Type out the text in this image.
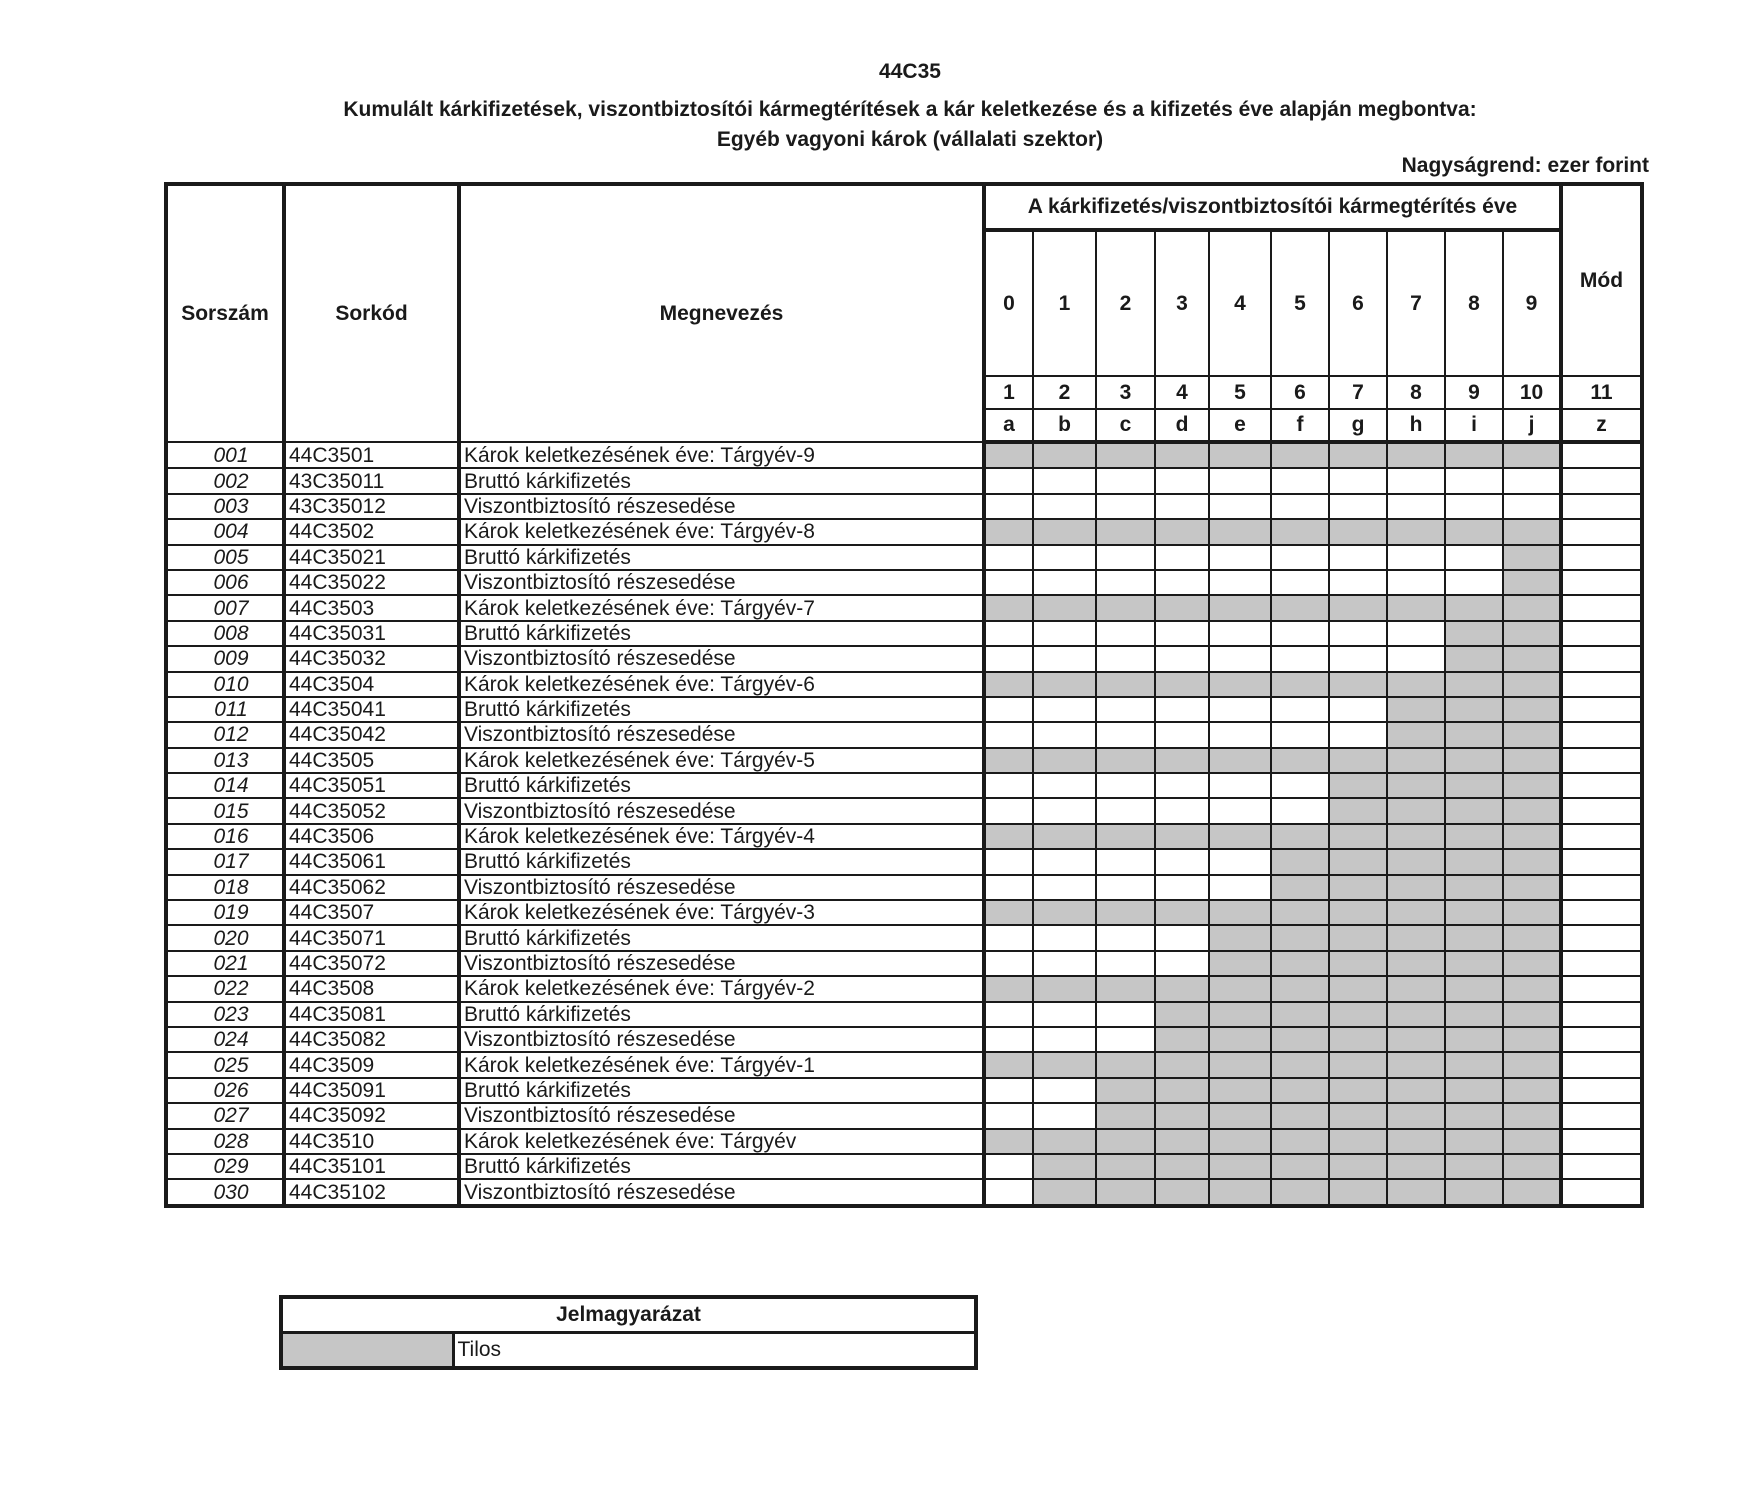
44C35
Kumulált kárkifizetések, viszontbiztosítói kármegtérítések a kár keletkezése és a kifizetés éve alapján megbontva:
Egyéb vagyoni károk (vállalati szektor)
Nagyságrend: ezer forint
Sorszám	Sorkód	Megnevezés	A kárkifizetés/viszontbiztosítói kármegtérítés éve										Mód
			0	1	2	3	4	5	6	7	8	9	
			1	2	3	4	5	6	7	8	9	10	11
			a	b	c	d	e	f	g	h	i	j	z
001	44C3501	Károk keletkezésének éve: Tárgyév-9											
002	43C35011	Bruttó kárkifizetés											
003	43C35012	Viszontbiztosító részesedése											
004	44C3502	Károk keletkezésének éve: Tárgyév-8											
005	44C35021	Bruttó kárkifizetés											
006	44C35022	Viszontbiztosító részesedése											
007	44C3503	Károk keletkezésének éve: Tárgyév-7											
008	44C35031	Bruttó kárkifizetés											
009	44C35032	Viszontbiztosító részesedése											
010	44C3504	Károk keletkezésének éve: Tárgyév-6											
011	44C35041	Bruttó kárkifizetés											
012	44C35042	Viszontbiztosító részesedése											
013	44C3505	Károk keletkezésének éve: Tárgyév-5											
014	44C35051	Bruttó kárkifizetés											
015	44C35052	Viszontbiztosító részesedése											
016	44C3506	Károk keletkezésének éve: Tárgyév-4											
017	44C35061	Bruttó kárkifizetés											
018	44C35062	Viszontbiztosító részesedése											
019	44C3507	Károk keletkezésének éve: Tárgyév-3											
020	44C35071	Bruttó kárkifizetés											
021	44C35072	Viszontbiztosító részesedése											
022	44C3508	Károk keletkezésének éve: Tárgyév-2											
023	44C35081	Bruttó kárkifizetés											
024	44C35082	Viszontbiztosító részesedése											
025	44C3509	Károk keletkezésének éve: Tárgyév-1											
026	44C35091	Bruttó kárkifizetés											
027	44C35092	Viszontbiztosító részesedése											
028	44C3510	Károk keletkezésének éve: Tárgyév											
029	44C35101	Bruttó kárkifizetés											
030	44C35102	Viszontbiztosító részesedése											
Jelmagyarázat
	Tilos
